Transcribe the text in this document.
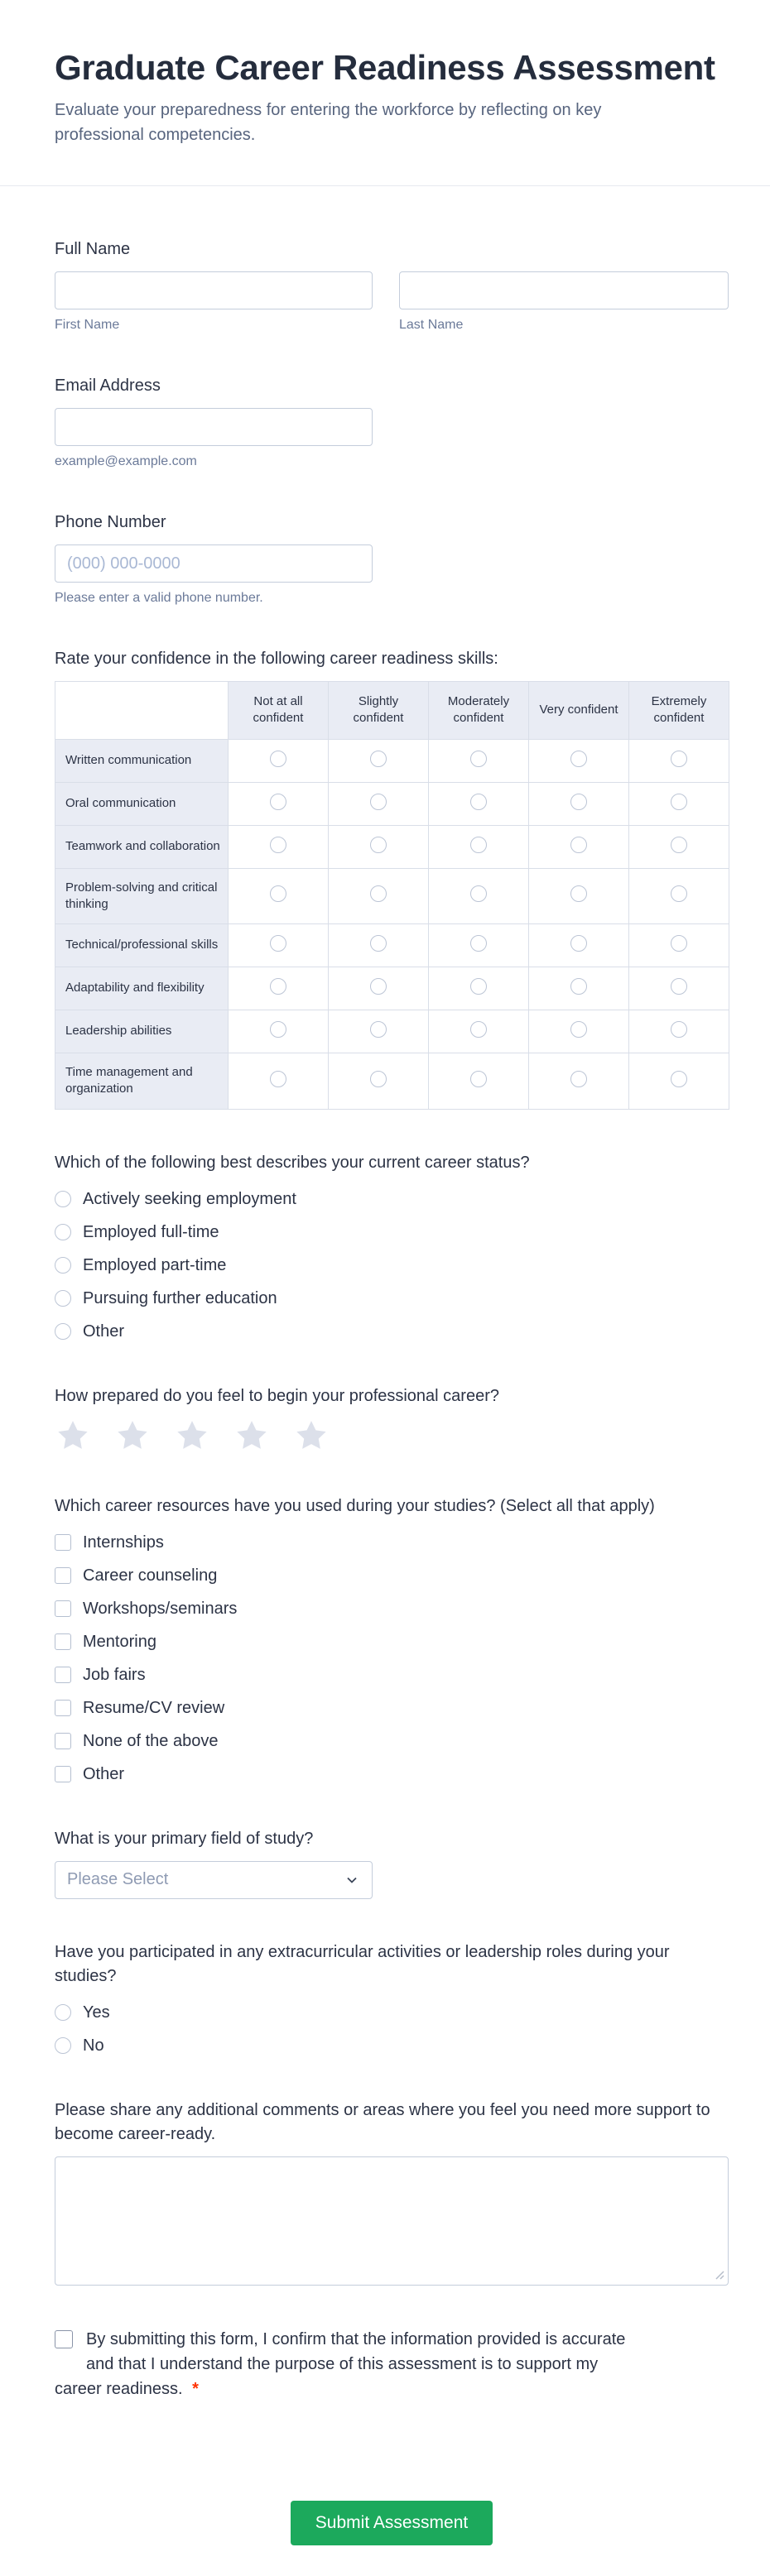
Graduate Career Readiness Assessment

Evaluate your preparedness for entering the workforce by reflecting on key professional competencies.

Full Name
First Name	Last Name
Email Address
example@example.com
Phone Number
(000) 000-0000
Please enter a valid phone number.
Rate your confidence in the following career readiness skills:
	Not at all confident	Slightly confident	Moderately confident	Very confident	Extremely confident
Written communication					
Oral communication					
Teamwork and collaboration					
Problem-solving and critical thinking					
Technical/professional skills					
Adaptability and flexibility					
Leadership abilities					
Time management and organization					
Which of the following best describes your current career status?
Actively seeking employment
Employed full-time
Employed part-time
Pursuing further education
Other
How prepared do you feel to begin your professional career?
Which career resources have you used during your studies? (Select all that apply)
Internships
Career counseling
Workshops/seminars
Mentoring
Job fairs
Resume/CV review
None of the above
Other
What is your primary field of study?
Please Select
Have you participated in any extracurricular activities or leadership roles during your studies?
Yes
No
Please share any additional comments or areas where you feel you need more support to become career-ready.
By submitting this form, I confirm that the information provided is accurate and that I understand the purpose of this assessment is to support my career readiness. *
Submit Assessment
